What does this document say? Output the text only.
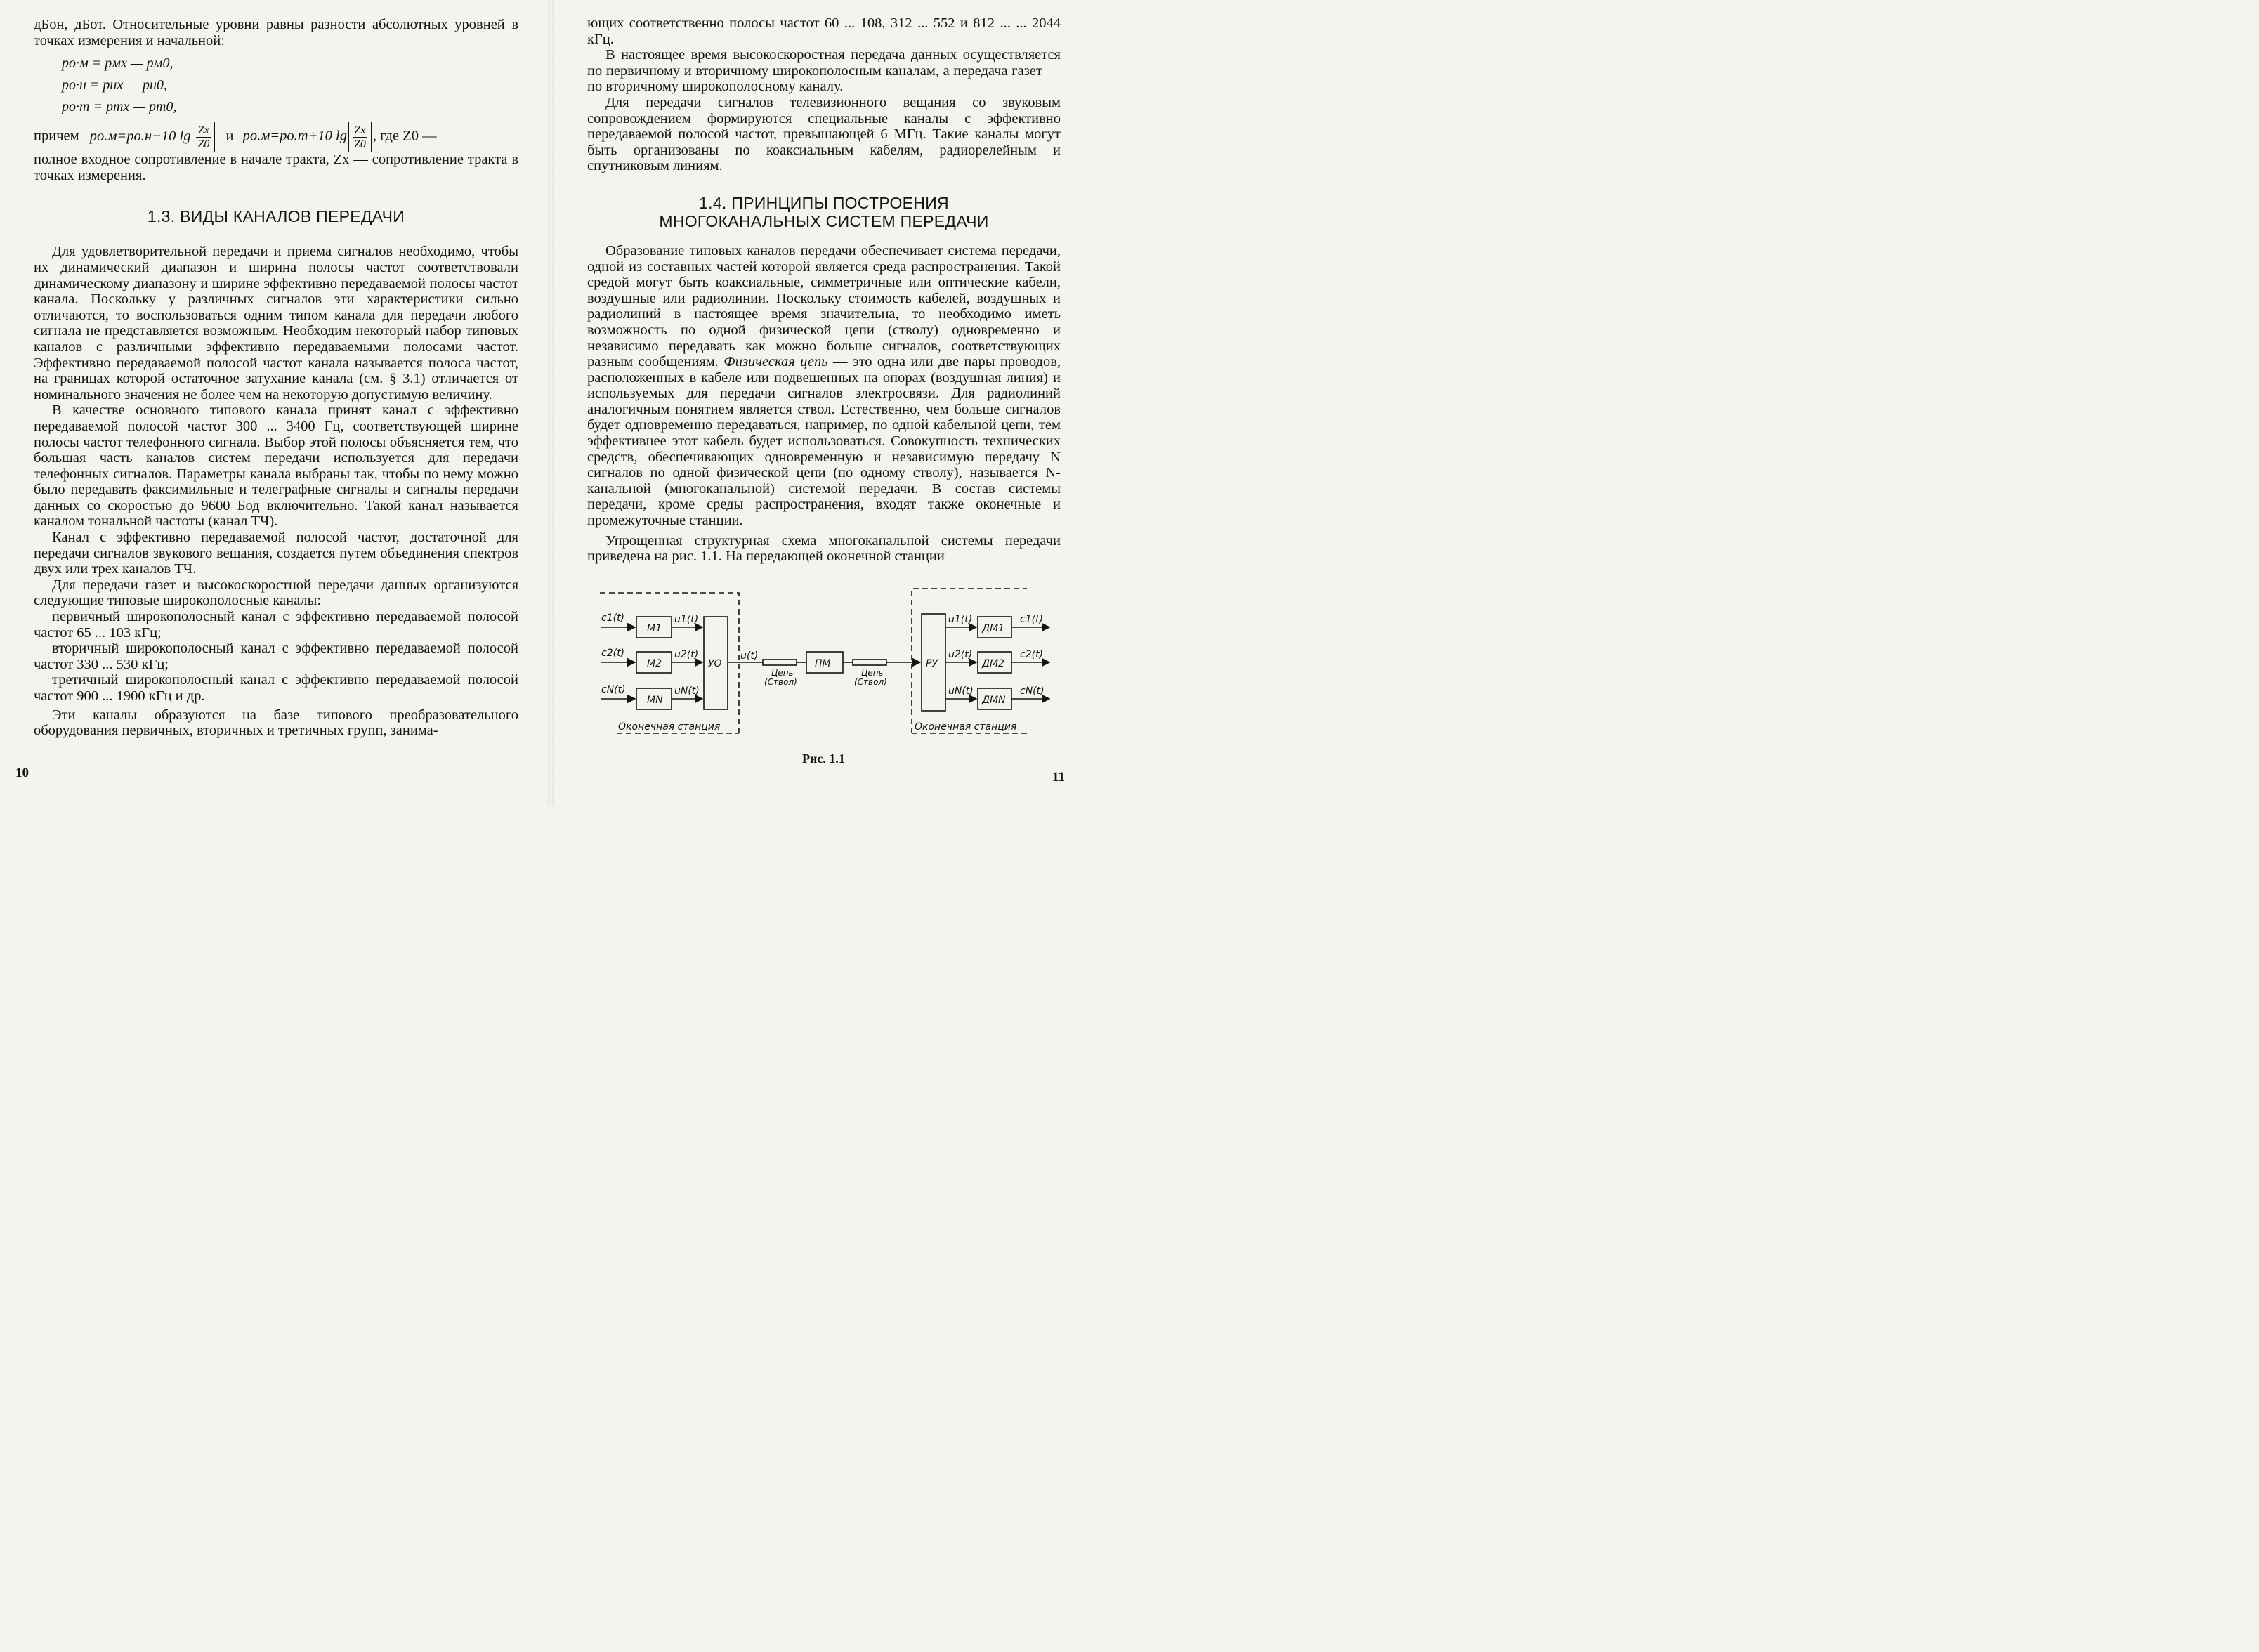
дБон, дБот. Относительные уровни равны разности абсолютных уровней в точках измерения и начальной:

pо·м = pмх — pм0,
pо·н = pнх — pн0,
pо·т = pтх — pт0,

причем pо.м=pо.н−10 $\lg \frac{Zx}{Z0}$ и pо.м=pо.т+10 $\lg \frac{Zx}{Z0}$ , где Z0 —

полное входное сопротивление в начале тракта, Zx — сопротивление тракта в точках измерения.

1.3. ВИДЫ КАНАЛОВ ПЕРЕДАЧИ

Для удовлетворительной передачи и приема сигналов необходимо, чтобы их динамический диапазон и ширина полосы частот соответствовали динамическому диапазону и ширине эффективно передаваемой полосы частот канала. Поскольку у различных сигналов эти характеристики сильно отличаются, то воспользоваться одним типом канала для передачи любого сигнала не представляется возможным. Необходим некоторый набор типовых каналов с различными эффективно передаваемыми полосами частот. Эффективно передаваемой полосой частот канала называется полоса частот, на границах которой остаточное затухание канала (см. § 3.1) отличается от номинального значения не более чем на некоторую допустимую величину.

В качестве основного типового канала принят канал с эффективно передаваемой полосой частот 300 ... 3400 Гц, соответствующей ширине полосы частот телефонного сигнала. Выбор этой полосы объясняется тем, что большая часть каналов систем передачи используется для передачи телефонных сигналов. Параметры канала выбраны так, чтобы по нему можно было передавать факсимильные и телеграфные сигналы и сигналы передачи данных со скоростью до 9600 Бод включительно. Такой канал называется каналом тональной частоты (канал ТЧ).

Канал с эффективно передаваемой полосой частот, достаточной для передачи сигналов звукового вещания, создается путем объединения спектров двух или трех каналов ТЧ.

Для передачи газет и высокоскоростной передачи данных организуются следующие типовые широкополосные каналы:

первичный широкополосный канал с эффективно передаваемой полосой частот 65 ... 103 кГц;

вторичный широкополосный канал с эффективно передаваемой полосой частот 330 ... 530 кГц;

третичный широкополосный канал с эффективно передаваемой полосой частот 900 ... 1900 кГц и др.

Эти каналы образуются на базе типового преобразовательного оборудования первичных, вторичных и третичных групп, занима-

10

ющих соответственно полосы частот 60 ... 108, 312 ... 552 и 812 ... ... 2044 кГц.

В настоящее время высокоскоростная передача данных осуществляется по первичному и вторичному широкополосным каналам, а передача газет — по вторичному широкополосному каналу.

Для передачи сигналов телевизионного вещания со звуковым сопровождением формируются специальные каналы с эффективно передаваемой полосой частот, превышающей 6 МГц. Такие каналы могут быть организованы по коаксиальным кабелям, радиорелейным и спутниковым линиям.

1.4. ПРИНЦИПЫ ПОСТРОЕНИЯ
МНОГОКАНАЛЬНЫХ СИСТЕМ ПЕРЕДАЧИ

Образование типовых каналов передачи обеспечивает система передачи, одной из составных частей которой является среда распространения. Такой средой могут быть коаксиальные, симметричные или оптические кабели, воздушные или радиолинии. Поскольку стоимость кабелей, воздушных и радиолиний в настоящее время значительна, то необходимо иметь возможность по одной физической цепи (стволу) одновременно и независимо передавать как можно больше сигналов, соответствующих разным сообщениям. Физическая цепь — это одна или две пары проводов, расположенных в кабеле или подвешенных на опорах (воздушная линия) и используемых для передачи сигналов электросвязи. Для радиолиний аналогичным понятием является ствол. Естественно, чем больше сигналов будет одновременно передаваться, например, по одной кабельной цепи, тем эффективнее этот кабель будет использоваться. Совокупность технических средств, обеспечивающих одновременную и независимую передачу N сигналов по одной физической цепи (по одному стволу), называется N-канальной (многоканальной) системой передачи. В состав системы передачи, кроме среды распространения, входят также оконечные и промежуточные станции.

Упрощенная структурная схема многоканальной системы передачи приведена на рис. 1.1. На передающей оконечной станции

c1(t)
c2(t)
cN(t)
M1
M2
MN
u1(t)
u2(t)
uN(t)
УО
u(t)
Цепь
(Ствол)
ПМ
Цепь
(Ствол)
РУ
u1(t)
u2(t)
uN(t)
ДМ1
ДМ2
ДМN
c1(t)
c2(t)
cN(t)
Оконечная станция	Оконечная станция
Рис. 1.1
11
